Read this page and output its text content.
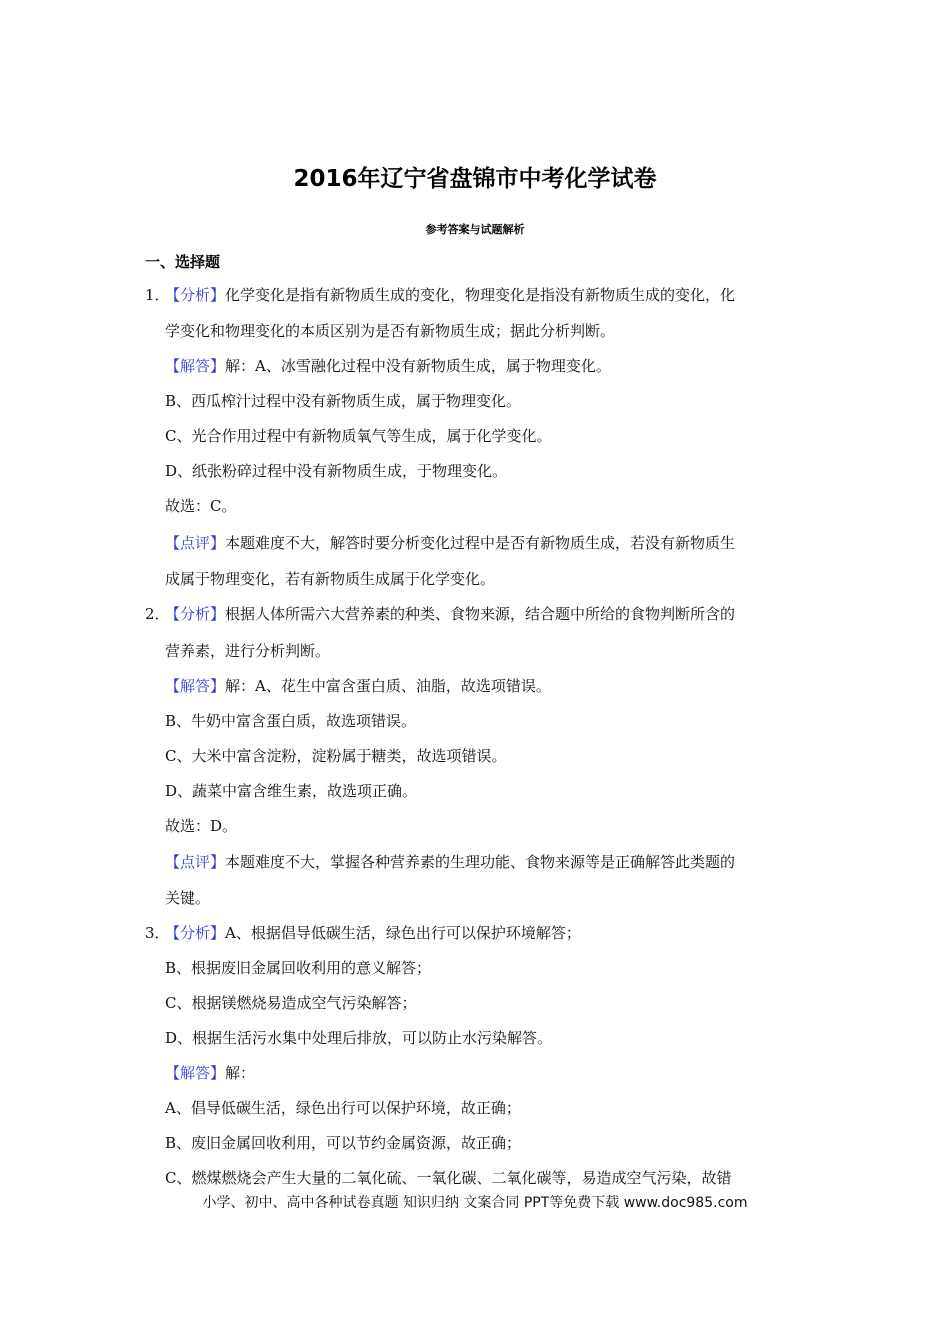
2016年辽宁省盘锦市中考化学试卷
参考答案与试题解析
一、选择题
1．
【分析】化学变化是指有新物质生成的变化，物理变化是指没有新物质生成的变化，化
学变化和物理变化的本质区别为是否有新物质生成；据此分析判断。
【解答】解：A、冰雪融化过程中没有新物质生成，属于物理变化。
B、西瓜榨汁过程中没有新物质生成，属于物理变化。
C、光合作用过程中有新物质氧气等生成，属于化学变化。
D、纸张粉碎过程中没有新物质生成，于物理变化。
故选：C。
【点评】本题难度不大，解答时要分析变化过程中是否有新物质生成，若没有新物质生
成属于物理变化，若有新物质生成属于化学变化。
2．
【分析】根据人体所需六大营养素的种类、食物来源，结合题中所给的食物判断所含的
营养素，进行分析判断。
【解答】解：A、花生中富含蛋白质、油脂，故选项错误。
B、牛奶中富含蛋白质，故选项错误。
C、大米中富含淀粉，淀粉属于糖类，故选项错误。
D、蔬菜中富含维生素，故选项正确。
故选：D。
【点评】本题难度不大，掌握各种营养素的生理功能、食物来源等是正确解答此类题的
关键。
3．
【分析】A、根据倡导低碳生活，绿色出行可以保护环境解答；
B、根据废旧金属回收利用的意义解答；
C、根据镁燃烧易造成空气污染解答；
D、根据生活污水集中处理后排放，可以防止水污染解答。
【解答】解：
A、倡导低碳生活，绿色出行可以保护环境，故正确；
B、废旧金属回收利用，可以节约金属资源，故正确；
C、燃煤燃烧会产生大量的二氧化硫、一氧化碳、二氧化碳等，易造成空气污染，故错
小学、初中、高中各种试卷真题 知识归纳 文案合同 PPT等免费下载 www.doc985.com
